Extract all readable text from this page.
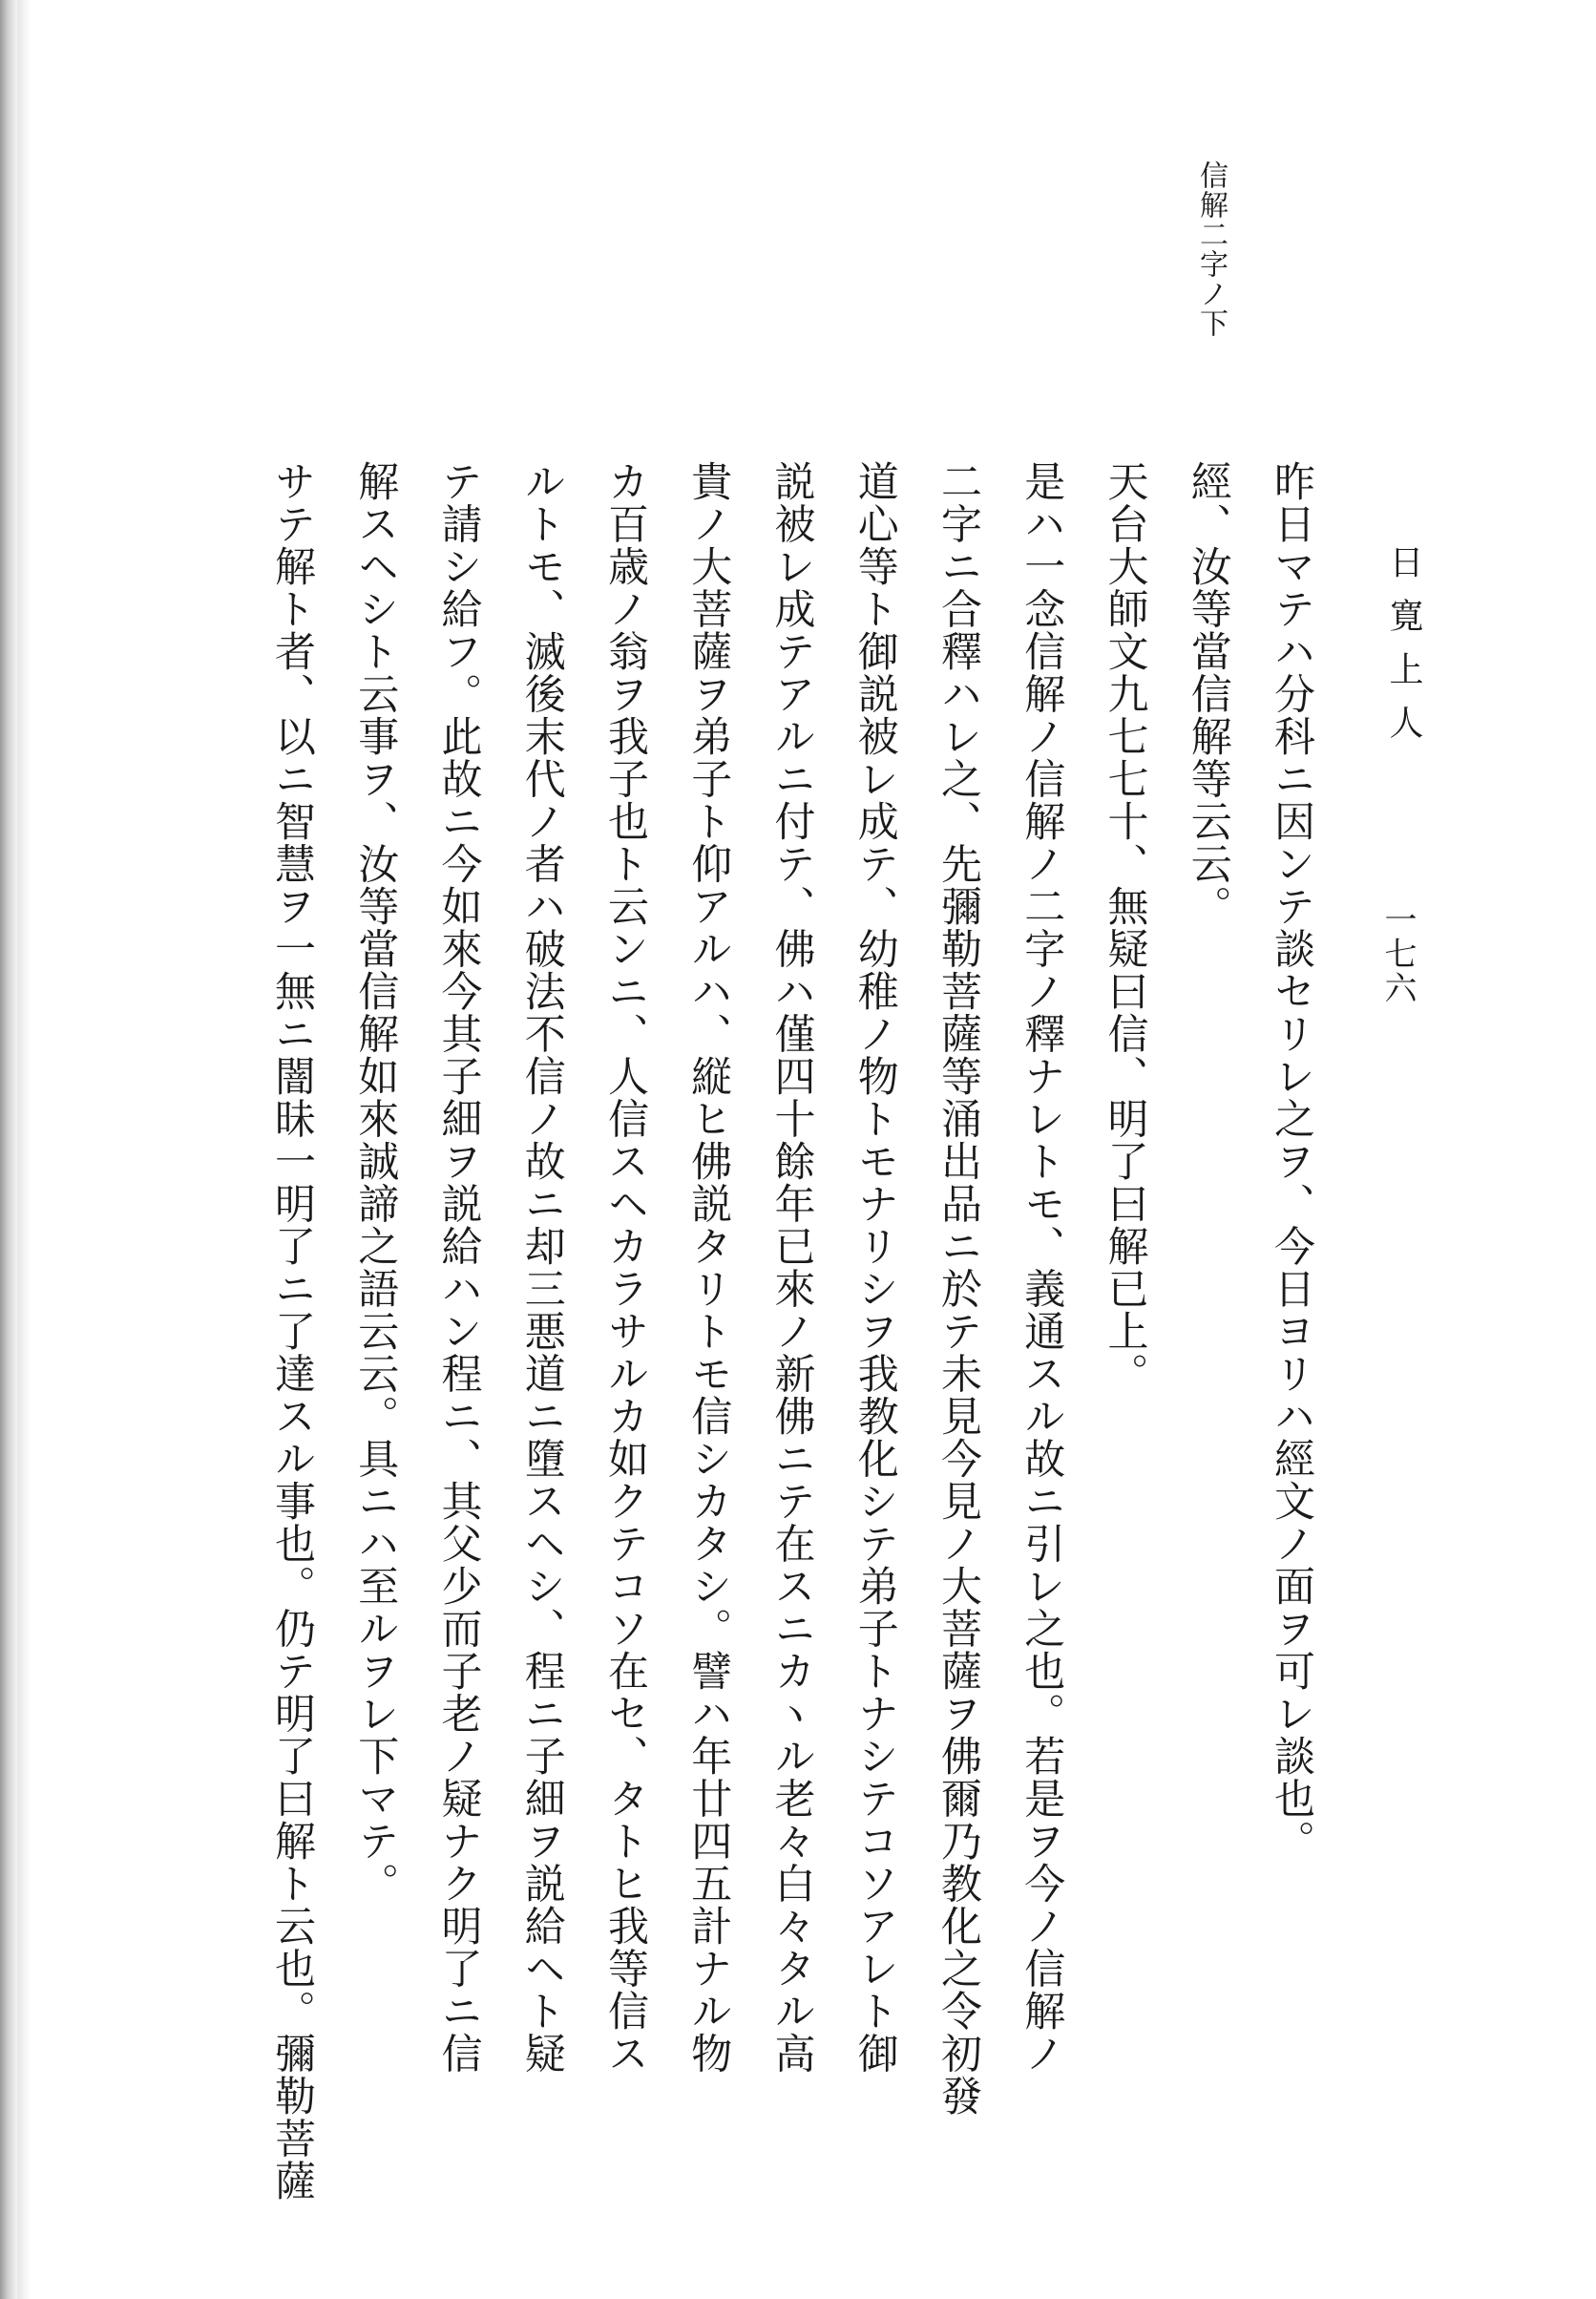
一七六
日寛上人
信解二字ノ下
昨日マテハ分科ニ因ンテ談セリレ之ヲ、今日ヨリハ經文ノ面ヲ可レ談也。
經、汝等當信解等云云。
天台大師文九七七十、無疑曰信、明了曰解已上。
是ハ一念信解ノ信解ノ二字ノ釋ナレトモ、義通スル故ニ引レ之也。若是ヲ今ノ信解ノ
二字ニ合釋ハレ之、先彌勒菩薩等涌出品ニ於テ未見今見ノ大菩薩ヲ佛爾乃教化之令初發
道心等ト御説被レ成テ、幼稚ノ物トモナリシヲ我教化シテ弟子トナシテコソアレト御
説被レ成テアルニ付テ、佛ハ僅四十餘年已來ノ新佛ニテ在スニカヽル老々白々タル高
貴ノ大菩薩ヲ弟子ト仰アルハ、縦ヒ佛説タリトモ信シカタシ。譬ハ年廿四五計ナル物
カ百歳ノ翁ヲ我子也ト云ンニ、人信スヘカラサルカ如クテコソ在セ、タトヒ我等信ス
ルトモ、滅後末代ノ者ハ破法不信ノ故ニ却三悪道ニ墮スヘシ、程ニ子細ヲ説給ヘト疑
テ請シ給フ。此故ニ今如來今其子細ヲ説給ハン程ニ、其父少而子老ノ疑ナク明了ニ信
解スヘシト云事ヲ、汝等當信解如來誠諦之語云云。具ニハ至ルヲレ下マテ。
サテ解ト者、以ニ智慧ヲ一無ニ闇昧一明了ニ了達スル事也。仍テ明了曰解ト云也。彌勒菩薩
